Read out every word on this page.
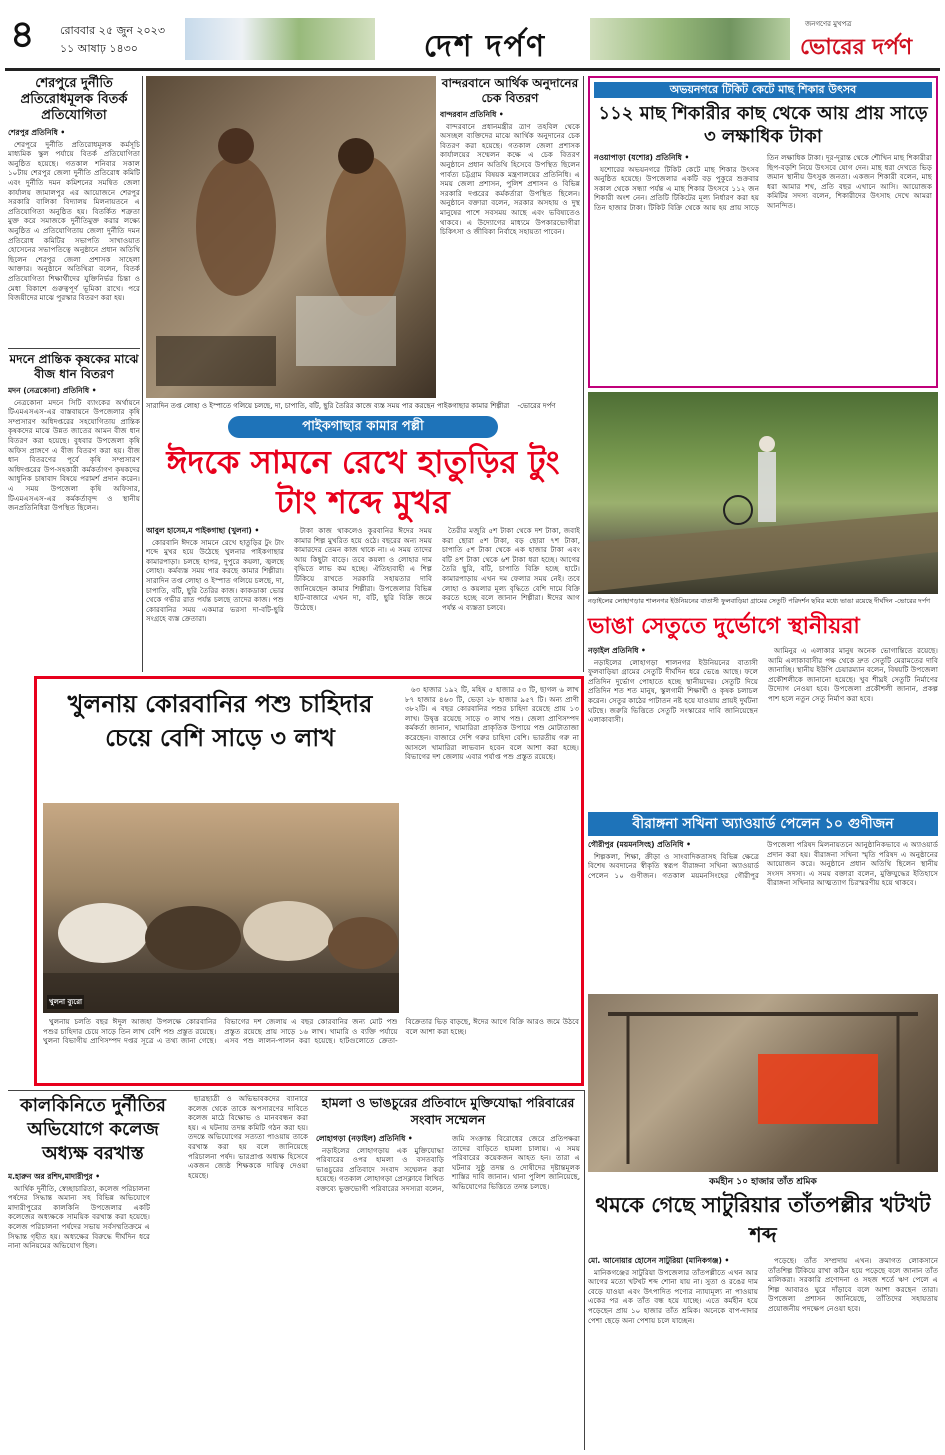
৪ রোববার ২৫ জুন ২০২৩
১১ আষাঢ় ১৪৩০	দেশ দর্পণ
জনগণের মুখপত্র
ভোরের দর্পণ
শেরপুরে দুর্নীতি প্রতিরোধমূলক বিতর্ক প্রতিযোগিতা
শেরপুর প্রতিনিধি •

শেরপুরে দুর্নীতি প্রতিরোধমূলক কর্মসূচি মাধ্যমিক স্কুল পর্যায়ে বিতর্ক প্রতিযোগিতা অনুষ্ঠিত হয়েছে। গতকাল শনিবার সকাল ১০টায় শেরপুর জেলা দুর্নীতি প্রতিরোধ কমিটি এবং দুর্নীতি দমন কমিশনের সমন্বিত জেলা কার্যালয় জামালপুর এর আয়োজনে শেরপুর সরকারি বালিকা বিদ্যালয় মিলনায়তনে এ প্রতিযোগিতা অনুষ্ঠিত হয়। বিতর্কিত শত্রুতা মুক্ত করে সমাজকে দুর্নীতিমুক্ত করার লক্ষ্যে অনুষ্ঠিত এ প্রতিযোগিতায় জেলা দুর্নীতি দমন প্রতিরোধ কমিটির সভাপতি সাখাওয়াত হোসেনের সভাপতিত্বে অনুষ্ঠানে প্রধান অতিথি ছিলেন শেরপুর জেলা প্রশাসক সাহেলা আক্তার। অনুষ্ঠানে অতিথিরা বলেন, বিতর্ক প্রতিযোগিতা শিক্ষার্থীদের যুক্তিনির্ভর চিন্তা ও মেধা বিকাশে গুরুত্বপূর্ণ ভূমিকা রাখে। পরে বিজয়ীদের মাঝে পুরস্কার বিতরণ করা হয়।

মদনে প্রান্তিক কৃষকের মাঝে বীজ ধান বিতরণ
মদন (নেত্রকোনা) প্রতিনিধি •

নেত্রকোনা মদনে সিটি ব্যাংকের অর্থায়নে টিএমএসএস-এর বাস্তবায়নে উপজেলার কৃষি সম্প্রসারণ অধিদপ্তরের সহযোগিতায় প্রান্তিক কৃষকদের মাঝে উন্নত জাতের আমন বীজ ধান বিতরণ করা হয়েছে। বুধবার উপজেলা কৃষি অফিস প্রাঙ্গণে এ বীজ বিতরণ করা হয়। বীজ ধান বিতরণের পূর্বে কৃষি সম্প্রসারণ অধিদপ্তরের উপ-সহকারী কর্মকর্তাগণ কৃষকদের আধুনিক চাষাবাদ বিষয়ে পরামর্শ প্রদান করেন। এ সময় উপজেলা কৃষি অফিসার, টিএমএসএস-এর কর্মকর্তাবৃন্দ ও স্থানীয় জনপ্রতিনিধিরা উপস্থিত ছিলেন।

সারাদিন তপ্ত লোহা ও ইস্পাতে গলিয়ে চলছে, দা, চাপাতি, বটি, ছুরি তৈরির কাজে ব্যস্ত সময় পার করছেন পাইকগাছার কামার শিল্পীরা -ভোরের দর্পণ
বান্দরবানে আর্থিক অনুদানের চেক বিতরণ
বান্দরবান প্রতিনিধি •

বান্দরবানে প্রধানমন্ত্রীর ত্রাণ তহবিল থেকে অসচ্ছল ব্যক্তিদের মাঝে আর্থিক অনুদানের চেক বিতরণ করা হয়েছে। গতকাল জেলা প্রশাসক কার্যালয়ের সম্মেলন কক্ষে এ চেক বিতরণ অনুষ্ঠানে প্রধান অতিথি হিসেবে উপস্থিত ছিলেন পার্বত্য চট্টগ্রাম বিষয়ক মন্ত্রণালয়ের প্রতিনিধি। এ সময় জেলা প্রশাসন, পুলিশ প্রশাসন ও বিভিন্ন সরকারি দপ্তরের কর্মকর্তারা উপস্থিত ছিলেন। অনুষ্ঠানে বক্তারা বলেন, সরকার অসহায় ও দুস্থ মানুষের পাশে সবসময় আছে এবং ভবিষ্যতেও থাকবে। এ উদ্যোগের মাধ্যমে উপকারভোগীরা চিকিৎসা ও জীবিকা নির্বাহে সহায়তা পাবেন।

পাইকগাছার কামার পল্লী
ঈদকে সামনে রেখে হাতুড়ির টুং টাং শব্দে মুখর
আবুল হাসেম,ম পাইকগাছা (খুলনা) •

কোরবানি ঈদকে সামনে রেখে হাতুড়ির টুং টাং শব্দে মুখর হয়ে উঠেছে খুলনার পাইকগাছার কামারপাড়া। চলছে হাপর, দুপুরে কয়লা, জ্বলছে লোহা। কর্মব্যস্ত সময় পার করছে কামার শিল্পীরা। সারাদিন তপ্ত লোহা ও ইস্পাত গলিয়ে চলছে, দা, চাপাতি, বটি, ছুরি তৈরির কাজ। কাকডাকা ভোর থেকে গভীর রাত পর্যন্ত চলছে তাদের কাজ। পশু কোরবানির সময় একমাত্র ভরসা দা-বটি-ছুরি সংগ্রহে ব্যস্ত ক্রেতারা।

টাকা কাজ থাকলেও কুরবানির ঈদের সময় কামার শিল্প মুখরিত হয়ে ওঠে। বছরের অন্য সময় কামারদের তেমন কাজ থাকে না। এ সময় তাদের আয় কিছুটা বাড়ে। তবে কয়লা ও লোহার দাম বৃদ্ধিতে লাভ কম হচ্ছে। ঐতিহ্যবাহী এ শিল্প টিকিয়ে রাখতে সরকারি সহায়তার দাবি জানিয়েছেন কামার শিল্পীরা। উপজেলার বিভিন্ন হাট-বাজারে এখন দা, বটি, ছুরি বিক্রি জমে উঠেছে।

তৈরীর মজুরি ৫শ টাকা থেকে দশ টাকা, জবাই করা ছোরা ৫শ টাকা, বড় ছোরা ৭শ টাকা, চাপাতি ৫শ টাকা থেকে এক হাজার টাকা এবং বটি ৪শ টাকা থেকে ৬শ টাকা ধরা হচ্ছে। আগের তৈরি ছুরি, বটি, চাপাতি বিক্রি হচ্ছে হাটে। কামারপাড়ায় এখন দম ফেলার সময় নেই। তবে লোহা ও কয়লার মূল্য বৃদ্ধিতে বেশি দামে বিক্রি করতে হচ্ছে বলে জানান শিল্পীরা। ঈদের আগ পর্যন্ত এ ব্যস্ততা চলবে।

অভয়নগরে টিকিট কেটে মাছ শিকার উৎসব
১১২ মাছ শিকারীর কাছ থেকে আয় প্রায় সাড়ে ৩ লক্ষাধিক টাকা
নওয়াপাড়া (যশোর) প্রতিনিধি •

যশোরের অভয়নগরে টিকিট কেটে মাছ শিকার উৎসব অনুষ্ঠিত হয়েছে। উপজেলার একটি বড় পুকুরে শুক্রবার সকাল থেকে সন্ধ্যা পর্যন্ত এ মাছ শিকার উৎসবে ১১২ জন শিকারী অংশ নেন। প্রতিটি টিকিটের মূল্য নির্ধারণ করা হয় তিন হাজার টাকা। টিকিট বিক্রি থেকে আয় হয় প্রায় সাড়ে তিন লক্ষাধিক টাকা। দূর-দূরান্ত থেকে শৌখিন মাছ শিকারীরা ছিপ-বড়শি নিয়ে উৎসবে যোগ দেন। মাছ ধরা দেখতে ভিড় জমান স্থানীয় উৎসুক জনতা। একজন শিকারী বলেন, মাছ ধরা আমার শখ, প্রতি বছর এখানে আসি। আয়োজক কমিটির সদস্য বলেন, শিকারীদের উৎসাহ দেখে আমরা আনন্দিত।

নড়াইলের লোহাগড়ার শালনগর ইউনিয়নের বাতাসী ফুলবাড়িয়া গ্রামের সেতুটি পরিদর্শন ছবির মধ্যে ভাঙা রয়েছে দীর্ঘদিন -ভোরের দর্পণ
ভাঙা সেতুতে দুর্ভোগে স্থানীয়রা
নড়াইল প্রতিনিধি •

নড়াইলের লোহাগড়া শালনগর ইউনিয়নের বাতাসী ফুলবাড়িয়া গ্রামের সেতুটি দীর্ঘদিন ধরে ভেঙে আছে। ফলে প্রতিদিন দুর্ভোগ পোহাতে হচ্ছে স্থানীয়দের। সেতুটি দিয়ে প্রতিদিন শত শত মানুষ, স্কুলগামী শিক্ষার্থী ও কৃষক চলাচল করেন। সেতুর কাঠের পাটাতন নষ্ট হয়ে যাওয়ায় প্রায়ই দুর্ঘটনা ঘটছে। জরুরি ভিত্তিতে সেতুটি সংস্কারের দাবি জানিয়েছেন এলাকাবাসী।

আমিনুর এ এলাকার মানুষ অনেক ভোগান্তিতে রয়েছে। আমি এলাকাবাসীর পক্ষ থেকে দ্রুত সেতুটি মেরামতের দাবি জানাচ্ছি। স্থানীয় ইউপি চেয়ারম্যান বলেন, বিষয়টি উপজেলা প্রকৌশলীকে জানানো হয়েছে। খুব শীঘ্রই সেতুটি নির্মাণের উদ্যোগ নেওয়া হবে। উপজেলা প্রকৌশলী জানান, প্রকল্প পাশ হলে নতুন সেতু নির্মাণ করা হবে।

খুলনায় কোরবানির পশু চাহিদার চেয়ে বেশি সাড়ে ৩ লাখ
খুলনা ব্যুরো

৬৩ হাজার ১৯২ টি, মহিষ ৫ হাজার ৫৩ টি, ছাগল ৬ লাখ ৮৭ হাজার ৪৬৩ টি, ভেড়া ২৮ হাজার ৯৫৭ টি। অন্য প্রাণী ৩৮২টি। এ বছর কোরবানির পশুর চাহিদা রয়েছে প্রায় ১৩ লাখ। উদ্বৃত্ত রয়েছে সাড়ে ৩ লাখ পশু। জেলা প্রাণিসম্পদ কর্মকর্তা জানান, খামারিরা প্রাকৃতিক উপায়ে পশু মোটাতাজা করেছেন। বাজারে দেশি গরুর চাহিদা বেশি। ভারতীয় গরু না আসলে খামারিরা লাভবান হবেন বলে আশা করা হচ্ছে। বিভাগের দশ জেলায় এবার পর্যাপ্ত পশু প্রস্তুত রয়েছে।

খুলনায় চলতি বছর ঈদুল আজহা উপলক্ষে কোরবানির পশুর চাহিদার চেয়ে সাড়ে তিন লাখ বেশি পশু প্রস্তুত রয়েছে। খুলনা বিভাগীয় প্রাণিসম্পদ দপ্তর সূত্রে এ তথ্য জানা গেছে। বিভাগের দশ জেলায় এ বছর কোরবানির জন্য মোট পশু প্রস্তুত রয়েছে প্রায় সাড়ে ১৬ লাখ। খামারি ও ব্যক্তি পর্যায়ে এসব পশু লালন-পালন করা হয়েছে। হাটগুলোতে ক্রেতা-বিক্রেতার ভিড় বাড়ছে, ঈদের আগে বিক্রি আরও জমে উঠবে বলে আশা করা হচ্ছে।

বীরাঙ্গনা সখিনা অ্যাওয়ার্ড পেলেন ১০ গুণীজন
গৌরীপুর (ময়মনসিংহ) প্রতিনিধি •

শিল্পকলা, শিক্ষা, ক্রীড়া ও সাংবাদিকতাসহ বিভিন্ন ক্ষেত্রে বিশেষ অবদানের স্বীকৃতি স্বরূপ বীরাঙ্গনা সখিনা অ্যাওয়ার্ড পেলেন ১০ গুণীজন। গতকাল ময়মনসিংহের গৌরীপুর উপজেলা পরিষদ মিলনায়তনে আনুষ্ঠানিকভাবে এ অ্যাওয়ার্ড প্রদান করা হয়। বীরাঙ্গনা সখিনা স্মৃতি পরিষদ এ অনুষ্ঠানের আয়োজন করে। অনুষ্ঠানে প্রধান অতিথি ছিলেন স্থানীয় সংসদ সদস্য। এ সময় বক্তারা বলেন, মুক্তিযুদ্ধের ইতিহাসে বীরাঙ্গনা সখিনার আত্মত্যাগ চিরস্মরণীয় হয়ে থাকবে।

কর্মহীন ১০ হাজার তাঁত শ্রমিক
থমকে গেছে সাটুরিয়ার তাঁতপল্লীর খটখট শব্দ
মো. আনোয়ার হোসেন সাটুরিয়া (মানিকগঞ্জ) •

মানিকগঞ্জের সাটুরিয়া উপজেলার তাঁতপল্লীতে এখন আর আগের মতো খটখট শব্দ শোনা যায় না। সুতা ও রঙের দাম বেড়ে যাওয়া এবং উৎপাদিত পণ্যের ন্যায্যমূল্য না পাওয়ায় একের পর এক তাঁত বন্ধ হয়ে যাচ্ছে। এতে কর্মহীন হয়ে পড়েছেন প্রায় ১০ হাজার তাঁত শ্রমিক। অনেকে বাপ-দাদার পেশা ছেড়ে অন্য পেশায় চলে যাচ্ছেন।

পড়েছে। তাঁত সম্প্রদায় এখন। ক্রমাগত লোকসানে তাঁতশিল্প টিকিয়ে রাখা কঠিন হয়ে পড়েছে বলে জানান তাঁত মালিকরা। সরকারি প্রণোদনা ও সহজ শর্তে ঋণ পেলে এ শিল্প আবারও ঘুরে দাঁড়াবে বলে আশা করছেন তারা। উপজেলা প্রশাসন জানিয়েছে, তাঁতিদের সহায়তায় প্রয়োজনীয় পদক্ষেপ নেওয়া হবে।

কালকিনিতে দুর্নীতির অভিযোগে কলেজ অধ্যক্ষ বরখাস্ত
ম.হারুন অর রশিদ,মাদারীপুর •

আর্থিক দুর্নীতি, স্বেচ্ছাচারিতা, কলেজ পরিচালনা পর্ষদের সিদ্ধান্ত অমান্য সহ বিভিন্ন অভিযোগে মাদারীপুরের কালকিনি উপজেলার একটি কলেজের অধ্যক্ষকে সাময়িক বরখাস্ত করা হয়েছে। কলেজ পরিচালনা পর্ষদের সভায় সর্বসম্মতিক্রমে এ সিদ্ধান্ত গৃহীত হয়। অধ্যক্ষের বিরুদ্ধে দীর্ঘদিন ধরে নানা অনিয়মের অভিযোগ ছিল।

ছাত্রছাত্রী ও অভিভাবকদের ব্যানারে কলেজ থেকে তাকে অপসারণের দাবিতে কলেজ মাঠে বিক্ষোভ ও মানববন্ধন করা হয়। এ ঘটনায় তদন্ত কমিটি গঠন করা হয়। তদন্তে অভিযোগের সত্যতা পাওয়ায় তাকে বরখাস্ত করা হয় বলে জানিয়েছে পরিচালনা পর্ষদ। ভারপ্রাপ্ত অধ্যক্ষ হিসেবে একজন জ্যেষ্ঠ শিক্ষককে দায়িত্ব দেওয়া হয়েছে।

হামলা ও ভাঙচুরের প্রতিবাদে মুক্তিযোদ্ধা পরিবারের সংবাদ সম্মেলন
লোহাগড়া (নড়াইল) প্রতিনিধি •

নড়াইলের লোহাগড়ায় এক মুক্তিযোদ্ধা পরিবারের ওপর হামলা ও বসতবাড়ি ভাঙচুরের প্রতিবাদে সংবাদ সম্মেলন করা হয়েছে। গতকাল লোহাগড়া প্রেসক্লাবে লিখিত বক্তব্যে ভুক্তভোগী পরিবারের সদস্যরা বলেন, জমি সংক্রান্ত বিরোধের জেরে প্রতিপক্ষরা তাদের বাড়িতে হামলা চালায়। এ সময় পরিবারের কয়েকজন আহত হন। তারা এ ঘটনার সুষ্ঠু তদন্ত ও দোষীদের দৃষ্টান্তমূলক শাস্তির দাবি জানান। থানা পুলিশ জানিয়েছে, অভিযোগের ভিত্তিতে তদন্ত চলছে।
